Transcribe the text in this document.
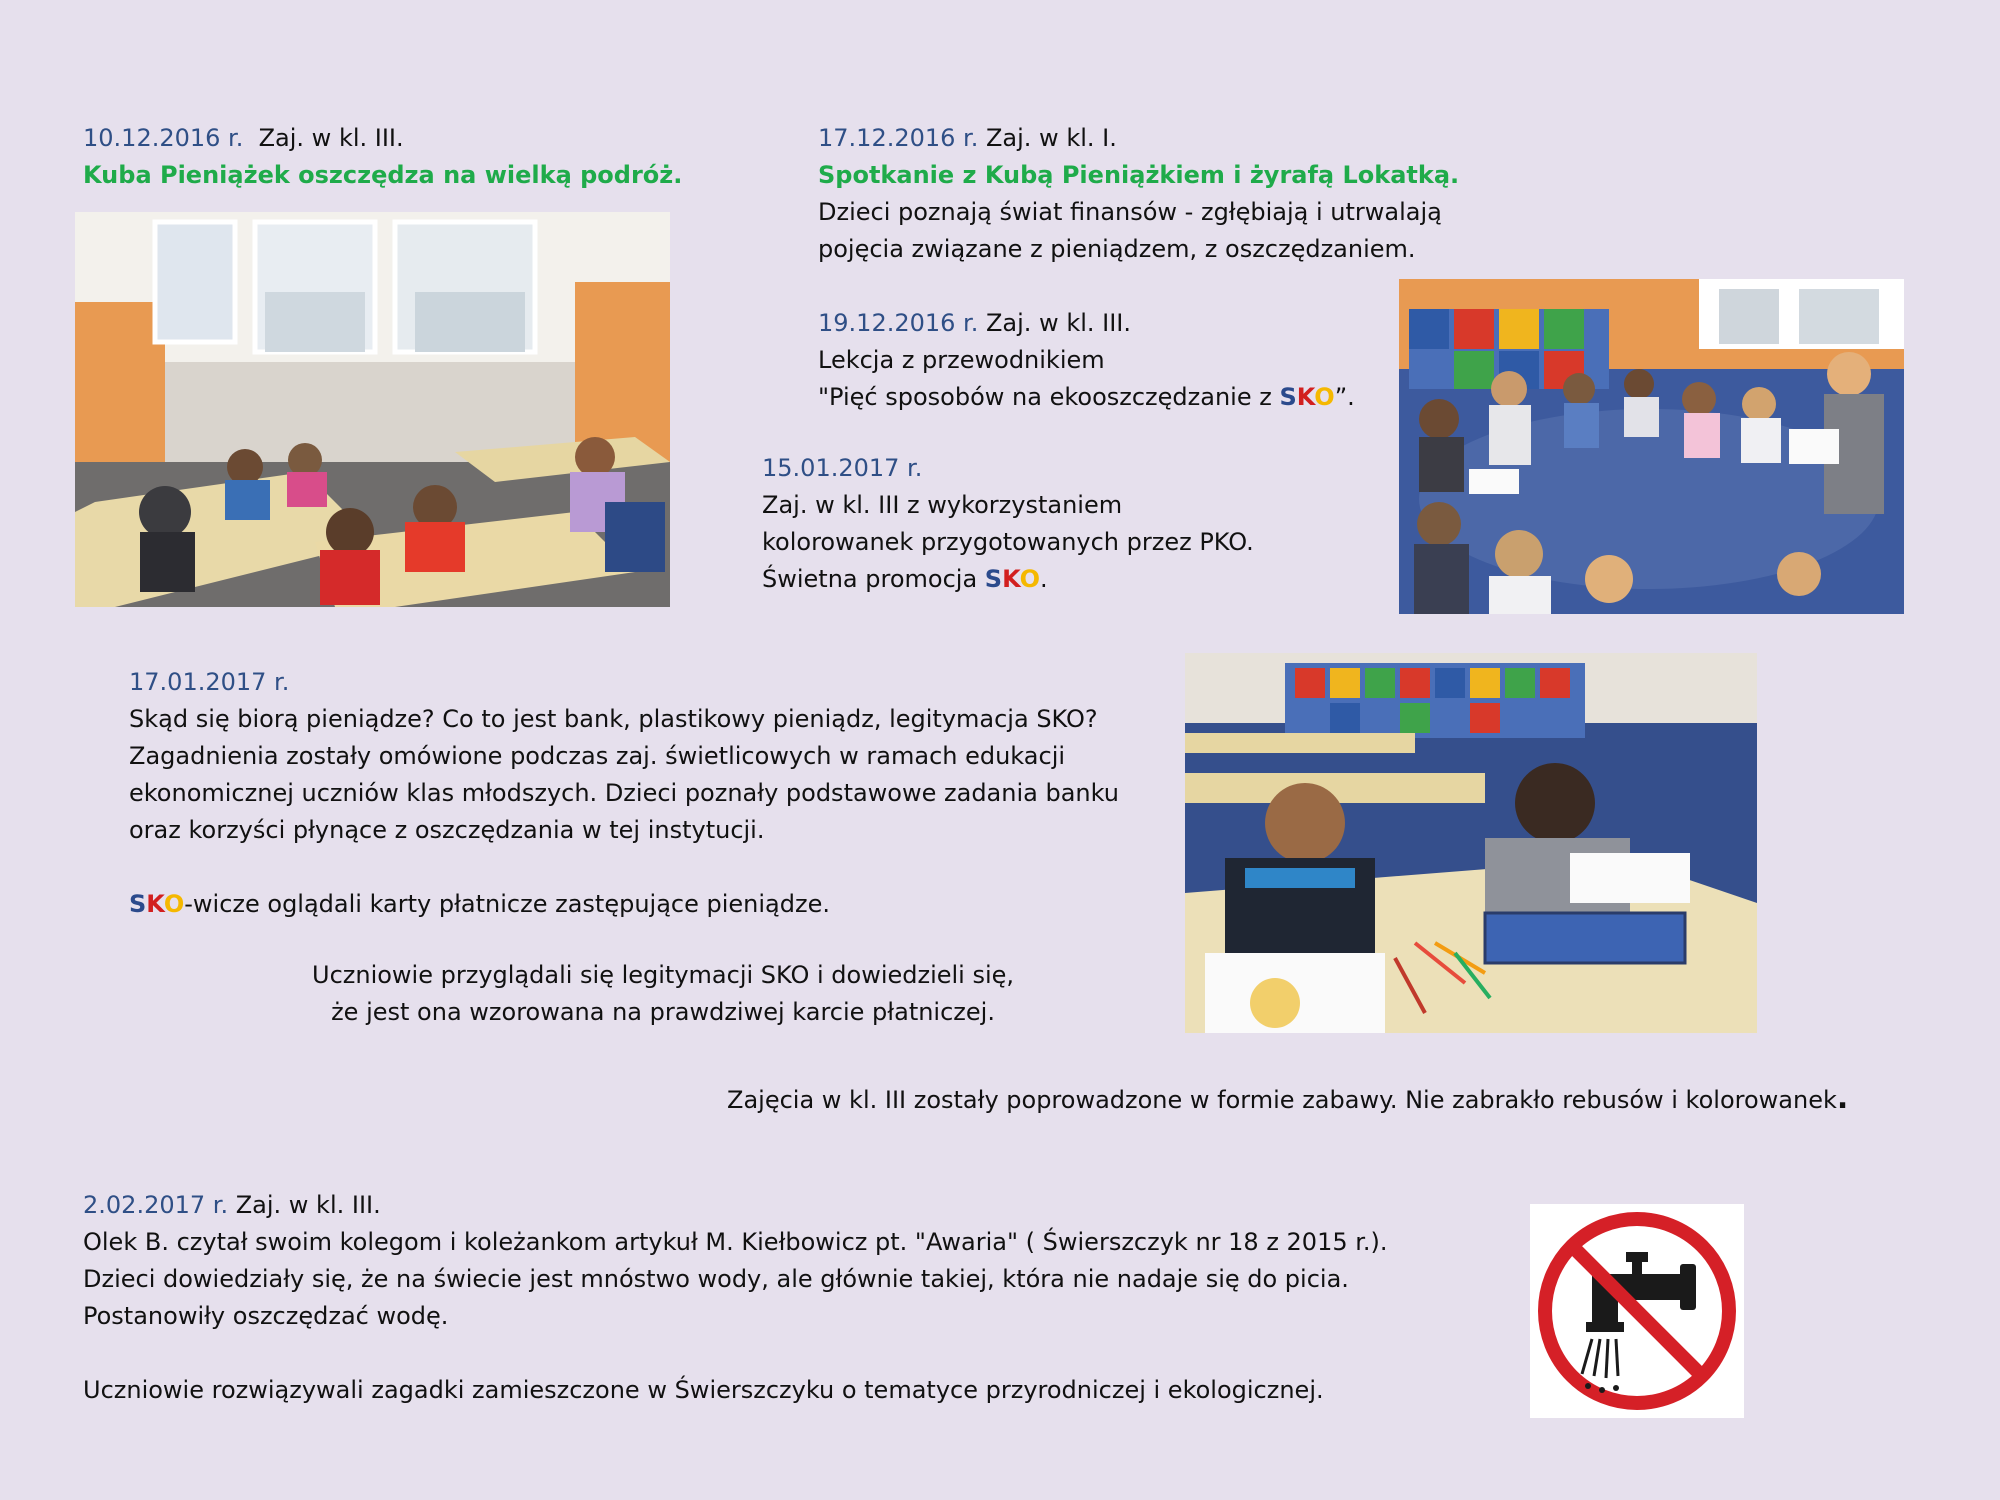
10.12.2016 r. Zaj. w kl. III.
Kuba Pieniążek oszczędza na wielką podróż.
17.12.2016 r. Zaj. w kl. I.
Spotkanie z Kubą Pieniążkiem i żyrafą Lokatką.
Dzieci poznają świat finansów - zgłębiają i utrwalają
pojęcia związane z pieniądzem, z oszczędzaniem.
19.12.2016 r. Zaj. w kl. III.
Lekcja z przewodnikiem
"Pięć sposobów na ekooszczędzanie z SKO”.
15.01.2017 r.
Zaj. w kl. III z wykorzystaniem
kolorowanek przygotowanych przez PKO.
Świetna promocja SKO.
17.01.2017 r.
Skąd się biorą pieniądze? Co to jest bank, plastikowy pieniądz, legitymacja SKO?
Zagadnienia zostały omówione podczas zaj. świetlicowych w ramach edukacji
ekonomicznej uczniów klas młodszych. Dzieci poznały podstawowe zadania banku
oraz korzyści płynące z oszczędzania w tej instytucji.
SKO-wicze oglądali karty płatnicze zastępujące pieniądze.
Uczniowie przyglądali się legitymacji SKO i dowiedzieli się,
że jest ona wzorowana na prawdziwej karcie płatniczej.
Zajęcia w kl. III zostały poprowadzone w formie zabawy. Nie zabrakło rebusów i kolorowanek.
2.02.2017 r. Zaj. w kl. III.
Olek B. czytał swoim kolegom i koleżankom artykuł M. Kiełbowicz pt. "Awaria" ( Świerszczyk nr 18 z 2015 r.).
Dzieci dowiedziały się, że na świecie jest mnóstwo wody, ale głównie takiej, która nie nadaje się do picia.
Postanowiły oszczędzać wodę.
Uczniowie rozwiązywali zagadki zamieszczone w Świerszczyku o tematyce przyrodniczej i ekologicznej.
